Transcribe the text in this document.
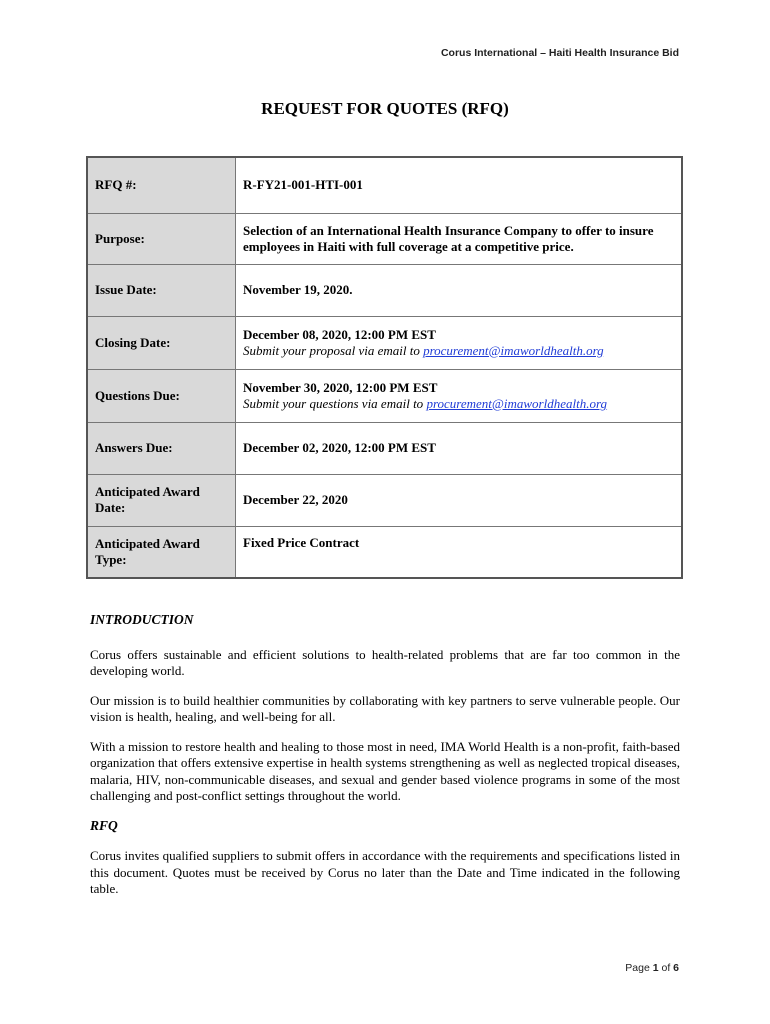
Corus International – Haiti Health Insurance Bid
REQUEST FOR QUOTES (RFQ)
RFQ #:	R-FY21-001-HTI-001
Purpose:	Selection of an International Health Insurance Company to offer to insure employees in Haiti with full coverage at a competitive price.
Issue Date:	November 19, 2020.
Closing Date:	December 08, 2020, 12:00 PM EST
Submit your proposal via email to procurement@imaworldhealth.org

Questions Due:	November 30, 2020, 12:00 PM EST
Submit your questions via email to procurement@imaworldhealth.org

Answers Due:	December 02, 2020, 12:00 PM EST
Anticipated Award Date:	December 22, 2020
Anticipated Award Type:	Fixed Price Contract
INTRODUCTION

Corus offers sustainable and efficient solutions to health-related problems that are far too common in the developing world.

Our mission is to build healthier communities by collaborating with key partners to serve vulnerable people. Our vision is health, healing, and well-being for all.

With a mission to restore health and healing to those most in need, IMA World Health is a non-profit, faith-based organization that offers extensive expertise in health systems strengthening as well as neglected tropical diseases, malaria, HIV, non-communicable diseases, and sexual and gender based violence programs in some of the most challenging and post-conflict settings throughout the world.

RFQ

Corus invites qualified suppliers to submit offers in accordance with the requirements and specifications listed in this document. Quotes must be received by Corus no later than the Date and Time indicated in the following table.

Page 1 of 6
